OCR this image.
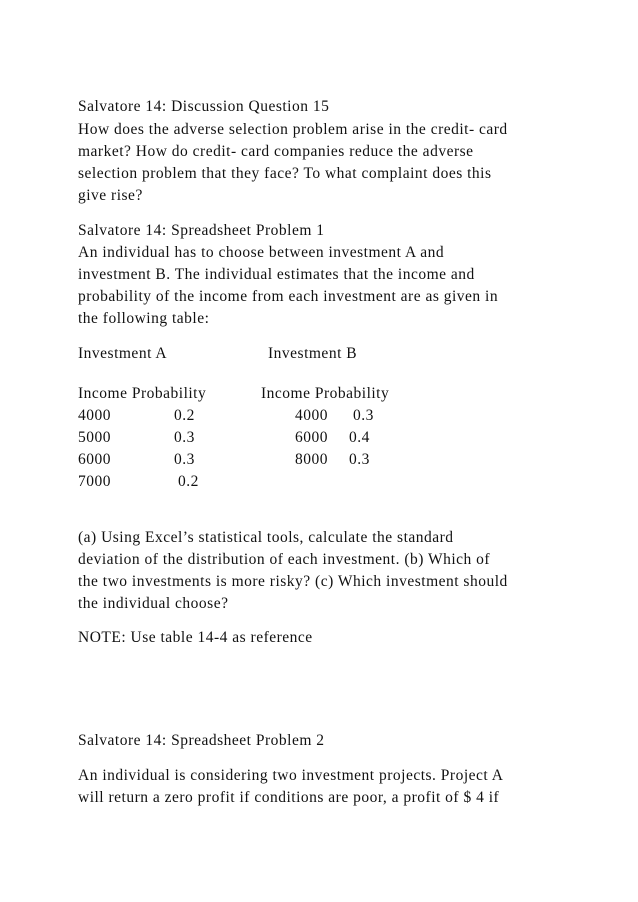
Salvatore 14: Discussion Question 15
How does the adverse selection problem arise in the credit- card
market? How do credit- card companies reduce the adverse
selection problem that they face? To what complaint does this
give rise?
Salvatore 14: Spreadsheet Problem 1
An individual has to choose between investment A and
investment B. The individual estimates that the income and
probability of the income from each investment are as given in
the following table:
Investment A	Investment B
Income Probability	Income Probability
4000	0.2	4000 0.3
5000	0.3	6000 0.4
6000	0.3	8000 0.3
7000	0.2
(a) Using Excel’s statistical tools, calculate the standard
deviation of the distribution of each investment. (b) Which of
the two investments is more risky? (c) Which investment should
the individual choose?
NOTE: Use table 14-4 as reference
Salvatore 14: Spreadsheet Problem 2
An individual is considering two investment projects. Project A
will return a zero profit if conditions are poor, a profit of $ 4 if
